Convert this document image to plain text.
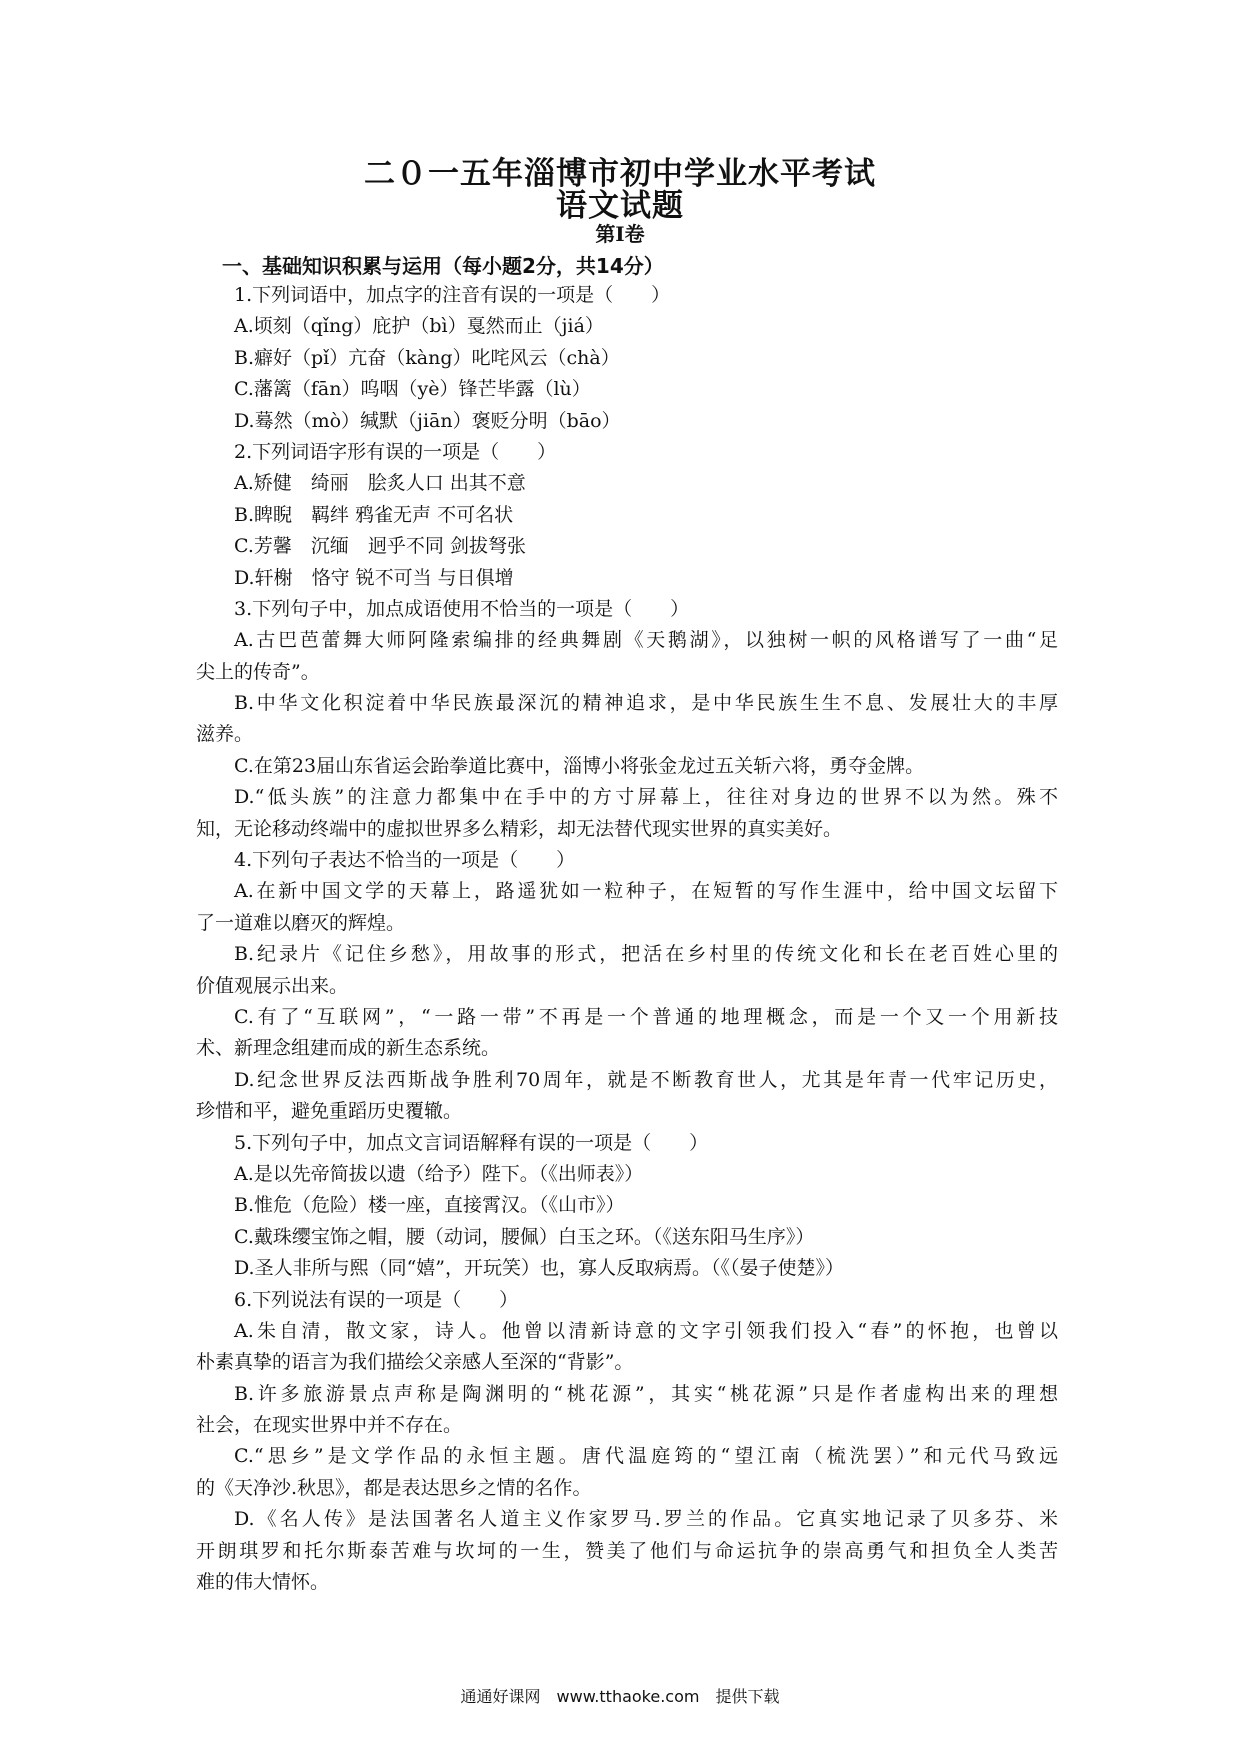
二０一五年淄博市初中学业水平考试
语文试题
第Ⅰ卷
一、基础知识积累与运用（每小题2分，共14分）
1.下列词语中，加点字的注音有误的一项是（　　）
A.顷刻（qǐng）庇护（bì）戛然而止（jiá）
B.癖好（pǐ）亢奋（kàng）叱咤风云（chà）
C.藩篱（fān）呜咽（yè）锋芒毕露（lù）
D.蓦然（mò）缄默（jiān）褒贬分明（bāo）
2.下列词语字形有误的一项是（　　）
A.矫健　绮丽　脍炙人口 出其不意
B.睥睨　羁绊 鸦雀无声 不可名状
C.芳馨　沉缅　迥乎不同 剑拔弩张
D.轩榭　恪守 锐不可当 与日俱增
3.下列句子中，加点成语使用不恰当的一项是（　　）
A.古巴芭蕾舞大师阿隆索编排的经典舞剧《天鹅湖》，以独树一帜的风格谱写了一曲“足
尖上的传奇”。
B.中华文化积淀着中华民族最深沉的精神追求，是中华民族生生不息、发展壮大的丰厚
滋养。
C.在第23届山东省运会跆拳道比赛中，淄博小将张金龙过五关斩六将，勇夺金牌。
D.“低头族”的注意力都集中在手中的方寸屏幕上，往往对身边的世界不以为然。殊不
知，无论移动终端中的虚拟世界多么精彩，却无法替代现实世界的真实美好。
4.下列句子表达不恰当的一项是（　　）
A.在新中国文学的天幕上，路遥犹如一粒种子，在短暂的写作生涯中，给中国文坛留下
了一道难以磨灭的辉煌。
B.纪录片《记住乡愁》，用故事的形式，把活在乡村里的传统文化和长在老百姓心里的
价值观展示出来。
C.有了“互联网”，“一路一带”不再是一个普通的地理概念，而是一个又一个用新技
术、新理念组建而成的新生态系统。
D.纪念世界反法西斯战争胜利70周年，就是不断教育世人，尤其是年青一代牢记历史，
珍惜和平，避免重蹈历史覆辙。
5.下列句子中，加点文言词语解释有误的一项是（　　）
A.是以先帝简拔以遗（给予）陛下。（《出师表》）
B.惟危（危险）楼一座，直接霄汉。（《山市》）
C.戴珠缨宝饰之帽，腰（动词，腰佩）白玉之环。（《送东阳马生序》）
D.圣人非所与熙（同“嬉”，开玩笑）也，寡人反取病焉。（《（晏子使楚》）
6.下列说法有误的一项是（　　）
A.朱自清，散文家，诗人。他曾以清新诗意的文字引领我们投入“春”的怀抱，也曾以
朴素真挚的语言为我们描绘父亲感人至深的“背影”。
B.许多旅游景点声称是陶渊明的“桃花源”，其实“桃花源”只是作者虚构出来的理想
社会，在现实世界中并不存在。
C.“思乡”是文学作品的永恒主题。唐代温庭筠的“望江南（梳洗罢）”和元代马致远
的《天净沙.秋思》，都是表达思乡之情的名作。
D.《名人传》是法国著名人道主义作家罗马.罗兰的作品。它真实地记录了贝多芬、米
开朗琪罗和托尔斯泰苦难与坎坷的一生，赞美了他们与命运抗争的崇高勇气和担负全人类苦
难的伟大情怀。
通通好课网　www.tthaoke.com　提供下载
